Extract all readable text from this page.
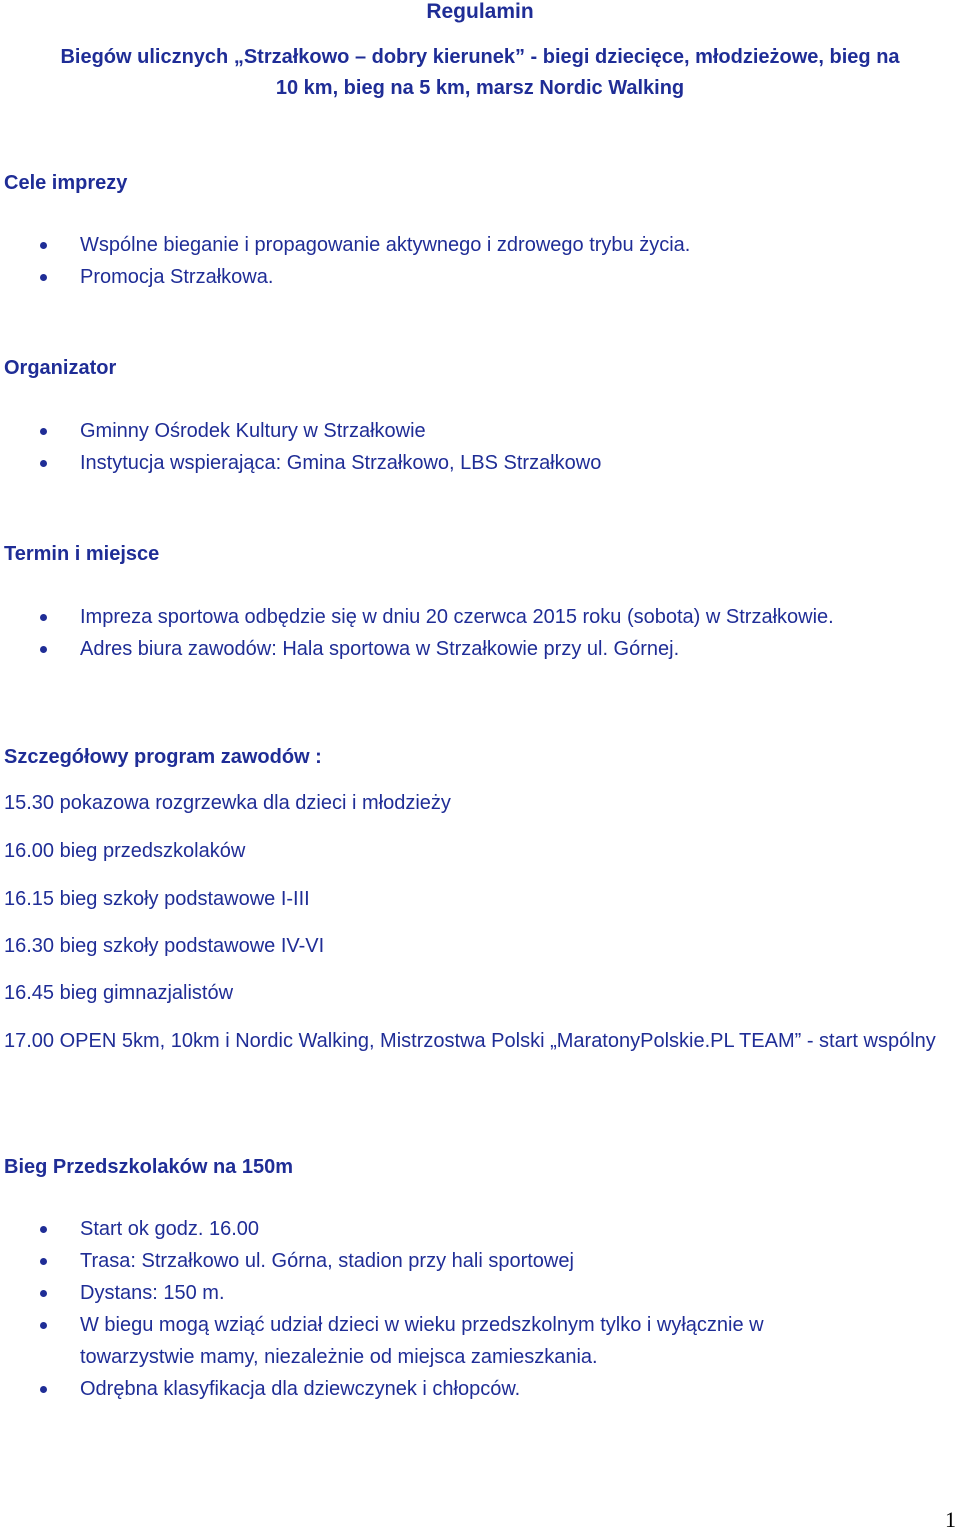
Regulamin

Biegów ulicznych „Strzałkowo – dobry kierunek” - biegi dziecięce, młodzieżowe, bieg na

10 km, bieg na 5 km, marsz Nordic Walking

Cele imprezy
Wspólne bieganie i propagowanie aktywnego i zdrowego trybu życia.
Promocja Strzałkowa.
Organizator
Gminny Ośrodek Kultury w Strzałkowie
Instytucja wspierająca: Gmina Strzałkowo, LBS Strzałkowo
Termin i miejsce
Impreza sportowa odbędzie się w dniu 20 czerwca 2015 roku (sobota) w Strzałkowie.
Adres biura zawodów: Hala sportowa w Strzałkowie przy ul. Górnej.
Szczegółowy program zawodów :

15.30 pokazowa rozgrzewka dla dzieci i młodzieży

16.00 bieg przedszkolaków

16.15 bieg szkoły podstawowe I-III

16.30 bieg szkoły podstawowe IV-VI

16.45 bieg gimnazjalistów

17.00 OPEN 5km, 10km i Nordic Walking, Mistrzostwa Polski „MaratonyPolskie.PL TEAM” - start wspólny

Bieg Przedszkolaków na 150m
Start ok godz. 16.00
Trasa: Strzałkowo ul. Górna, stadion przy hali sportowej
Dystans: 150 m.
W biegu mogą wziąć udział dzieci w wieku przedszkolnym tylko i wyłącznie w towarzystwie mamy, niezależnie od miejsca zamieszkania.
Odrębna klasyfikacja dla dziewczynek i chłopców.
1
